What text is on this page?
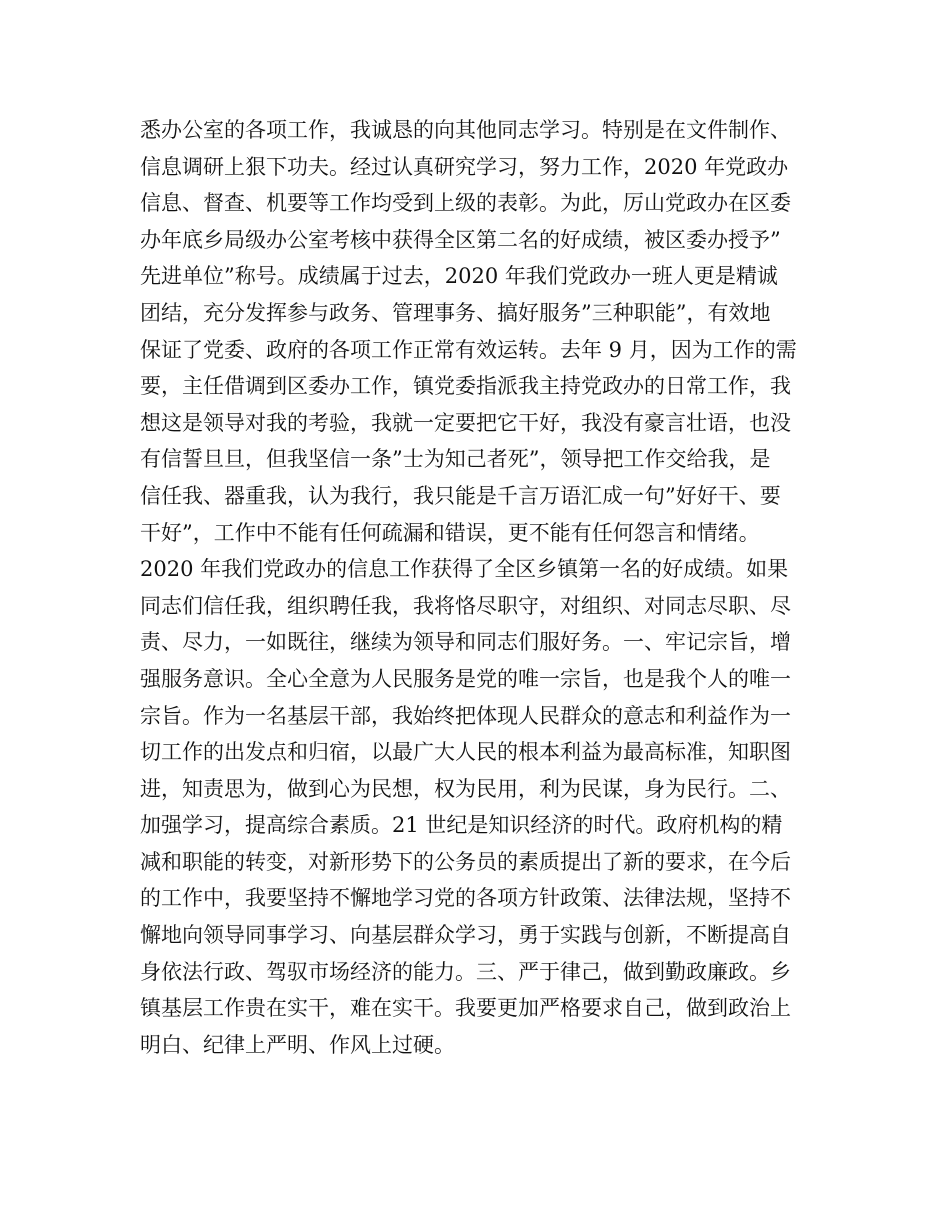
悉办公室的各项工作，我诚恳的向其他同志学习。特别是在文件制作、
信息调研上狠下功夫。经过认真研究学习，努力工作，2020 年党政办
信息、督查、机要等工作均受到上级的表彰。为此，厉山党政办在区委
办年底乡局级办公室考核中获得全区第二名的好成绩，被区委办授予”
先进单位”称号。成绩属于过去，2020 年我们党政办一班人更是精诚
团结，充分发挥参与政务、管理事务、搞好服务”三种职能”，有效地
保证了党委、政府的各项工作正常有效运转。去年 9 月，因为工作的需
要，主任借调到区委办工作，镇党委指派我主持党政办的日常工作，我
想这是领导对我的考验，我就一定要把它干好，我没有豪言壮语，也没
有信誓旦旦，但我坚信一条”士为知己者死”，领导把工作交给我，是
信任我、器重我，认为我行，我只能是千言万语汇成一句”好好干、要
干好”，工作中不能有任何疏漏和错误，更不能有任何怨言和情绪。
2020 年我们党政办的信息工作获得了全区乡镇第一名的好成绩。如果
同志们信任我，组织聘任我，我将恪尽职守，对组织、对同志尽职、尽
责、尽力，一如既往，继续为领导和同志们服好务。一、牢记宗旨，增
强服务意识。全心全意为人民服务是党的唯一宗旨，也是我个人的唯一
宗旨。作为一名基层干部，我始终把体现人民群众的意志和利益作为一
切工作的出发点和归宿，以最广大人民的根本利益为最高标准，知职图
进，知责思为，做到心为民想，权为民用，利为民谋，身为民行。二、
加强学习，提高综合素质。21 世纪是知识经济的时代。政府机构的精
减和职能的转变，对新形势下的公务员的素质提出了新的要求，在今后
的工作中，我要坚持不懈地学习党的各项方针政策、法律法规，坚持不
懈地向领导同事学习、向基层群众学习，勇于实践与创新，不断提高自
身依法行政、驾驭市场经济的能力。三、严于律己，做到勤政廉政。乡
镇基层工作贵在实干，难在实干。我要更加严格要求自己，做到政治上
明白、纪律上严明、作风上过硬。
